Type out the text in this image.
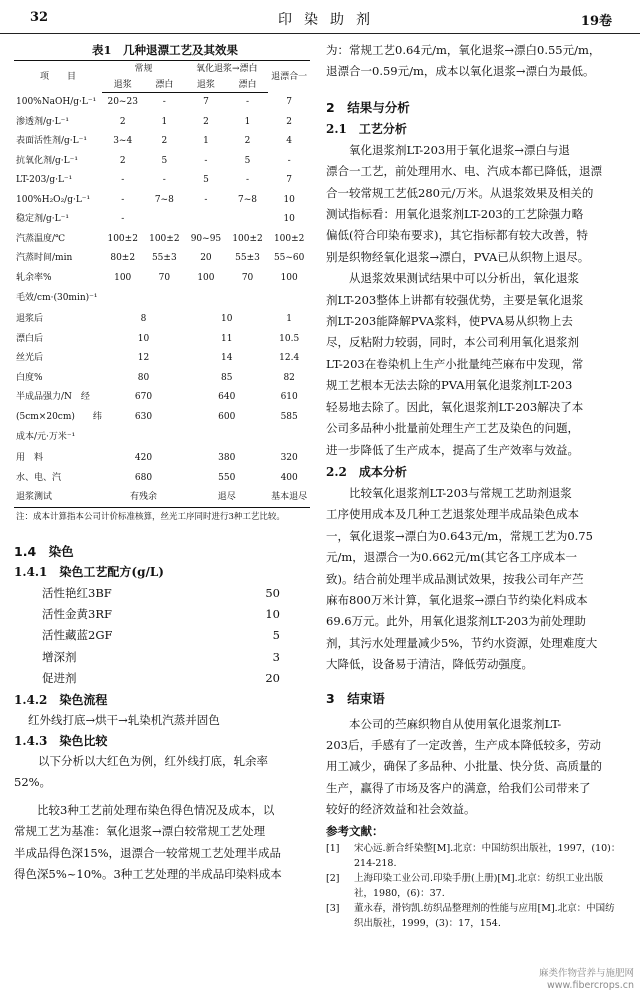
32	印染助剂	19卷
表1　几种退漂工艺及其效果
项　　目	常规		氧化退浆→漂白		退漂合一
	退浆	漂白	退浆	漂白	
100%NaOH/g·L⁻¹	20~23	-	7	-	7
渗透剂/g·L⁻¹	2	1	2	1	2
表面活性剂/g·L⁻¹	3~4	2	1	2	4
抗氧化剂/g·L⁻¹	2	5	-	5	-
LT-203/g·L⁻¹	-	-	5	-	7
100%H₂O₂/g·L⁻¹	-	7~8	-	7~8	10
稳定剂/g·L⁻¹	-				10
汽蒸温度/℃	100±2	100±2	90~95	100±2	100±2
汽蒸时间/min	80±2	55±3	20	55±3	55~60
轧余率%	100	70	100	70	100
毛效/cm·(30min)⁻¹					
退浆后	8		10		1
漂白后	10		11		10.5
丝光后	12		14		12.4
白度%	80		85		82
半成品强力/N　经	670		640		610
(5cm×20cm)　　纬	630		600		585
成本/元·万米⁻¹					
用　料	420		380		320
水、电、汽	680		550		400
退浆测试	有残余		退尽		基本退尽
注：成本计算指本公司计价标准核算，丝光工序同时进行3种工艺比较。
1.4　染色
1.4.1　染色工艺配方(g/L)
活性艳红3BF	50
活性金黄3RF	10
活性藏蓝2GF	5
增深剂	3
促进剂	20
1.4.2　染色流程
红外线打底→烘干→轧染机汽蒸并固色
1.4.3　染色比较
以下分析以大红色为例，红外线打底，轧余率
52%。
比较3种工艺前处理布染色得色情况及成本，以
常规工艺为基准：氧化退浆→漂白较常规工艺处理
半成品得色深15%，退漂合一较常规工艺处理半成品
得色深5%~10%。3种工艺处理的半成品印染料成本
为：常规工艺0.64元/m，氧化退浆→漂白0.55元/m，
退漂合一0.59元/m，成本以氧化退浆→漂白为最低。
2　结果与分析
2.1　工艺分析
氧化退浆剂LT-203用于氧化退浆→漂白与退
漂合一工艺，前处理用水、电、汽成本都已降低，退漂
合一较常规工艺低280元/万米。从退浆效果及相关的
测试指标看：用氧化退浆剂LT-203的工艺除强力略
偏低(符合印染布要求)，其它指标都有较大改善，特
别是织物经氧化退浆→漂白，PVA已从织物上退尽。
从退浆效果测试结果中可以分析出，氧化退浆
剂LT-203整体上讲都有较强优势，主要是氧化退浆
剂LT-203能降解PVA浆料，使PVA易从织物上去
尽，反粘附力较弱，同时，本公司利用氧化退浆剂
LT-203在卷染机上生产小批量纯苎麻布中发现，常
规工艺根本无法去除的PVA用氧化退浆剂LT-203
轻易地去除了。因此，氧化退浆剂LT-203解决了本
公司多品种小批量前处理生产工艺及染色的问题，
进一步降低了生产成本，提高了生产效率与效益。
2.2　成本分析
比较氧化退浆剂LT-203与常规工艺助剂退浆
工序使用成本及几种工艺退浆处理半成品染色成本
一，氧化退浆→漂白为0.643元/m，常规工艺为0.75
元/m，退漂合一为0.662元/m(其它各工序成本一
致)。结合前处理半成品测试效果，按我公司年产苎
麻布800万米计算，氧化退浆→漂白节约染化料成本
69.6万元。此外，用氧化退浆剂LT-203为前处理助
剂，其污水处理量减少5%，节约水资源，处理难度大
大降低，设备易于清洁，降低劳动强度。
3　结束语
本公司的苎麻织物自从使用氧化退浆剂LT-
203后，手感有了一定改善，生产成本降低较多，劳动
用工减少，确保了多品种、小批量、快分货、高质量的
生产，赢得了市场及客户的满意，给我们公司带来了
较好的经济效益和社会效益。
参考文献：
[1]	宋心远.新合纤染整[M].北京：中国纺织出版社，1997，(10)：
214-218.
[2]	上海印染工业公司.印染手册(上册)[M].北京：纺织工业出版
社，1980，(6)：37.
[3]	董永春，滑钧凯.纺织品整理剂的性能与应用[M].北京：中国纺
织出版社，1999，(3)：17，154.
麻类作物营养与施肥网
www.fibercrops.cn
